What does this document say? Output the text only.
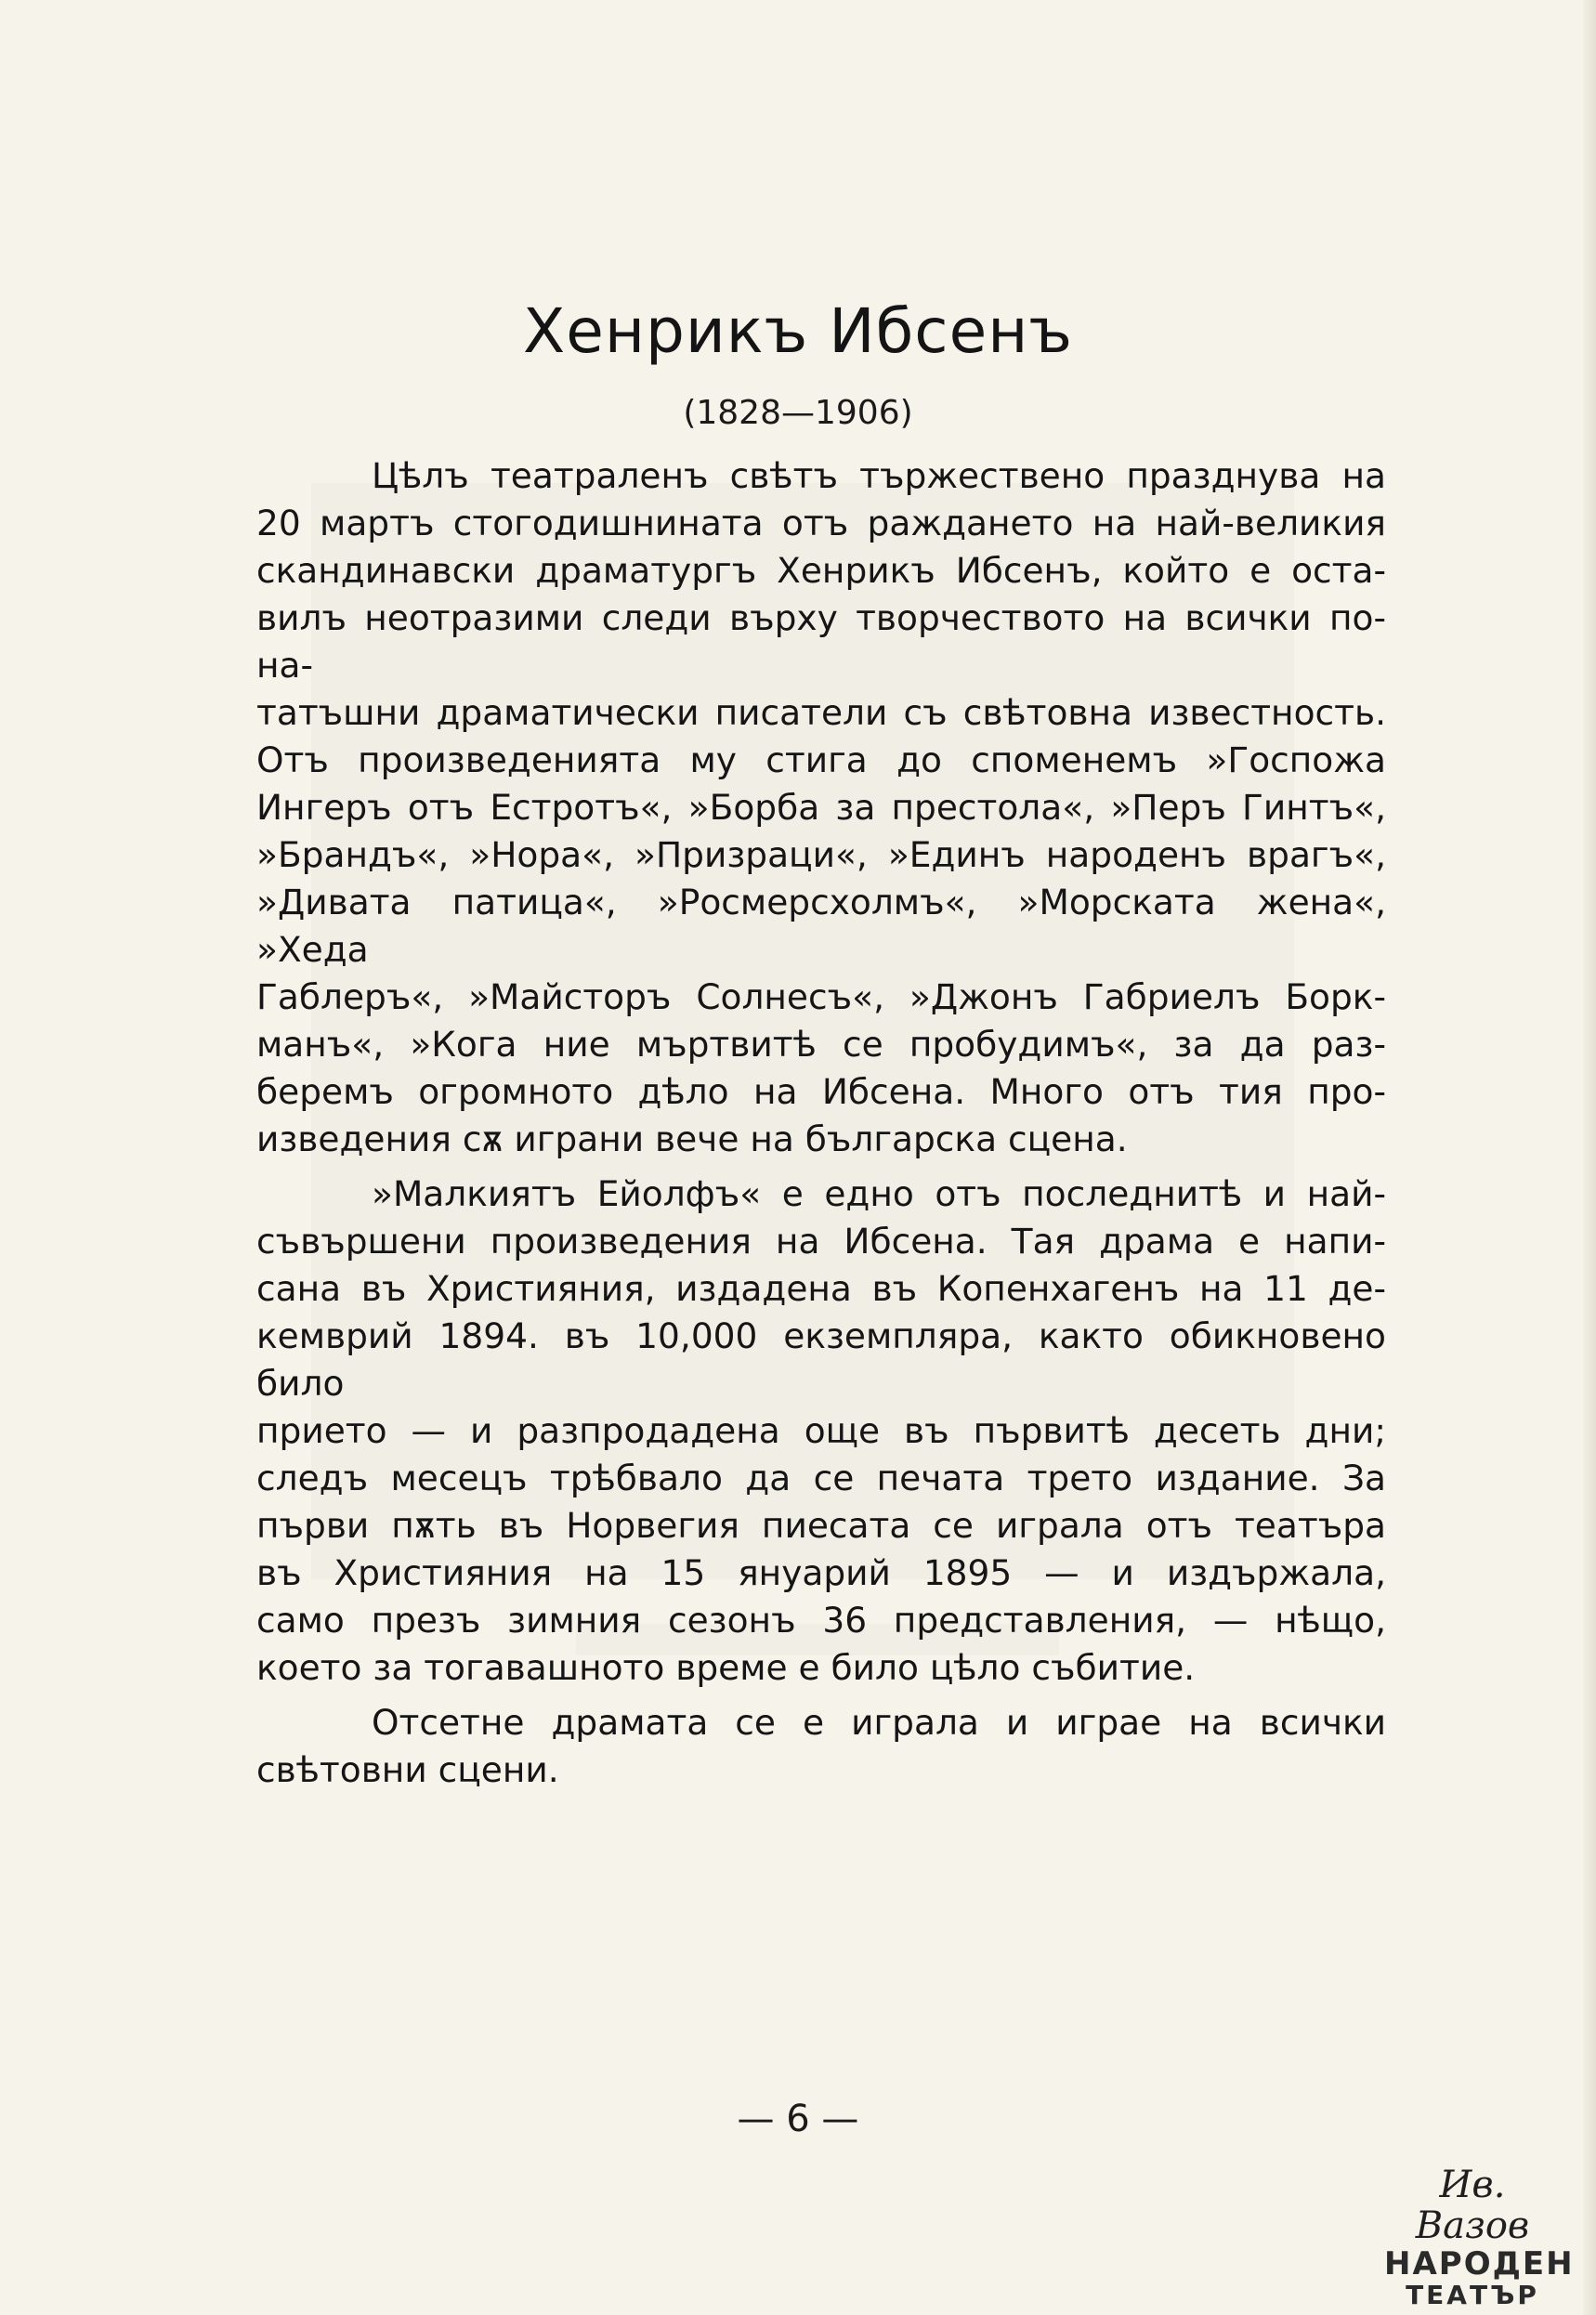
Хенрикъ Ибсенъ
(1828—1906)

Цѣлъ театраленъ свѣтъ тържествено празднува на
20 мартъ стогодишнината отъ раждането на най-великия
скандинавски драматургъ Хенрикъ Ибсенъ, който е оста-
вилъ неотразими следи върху творчеството на всички по-на-
татъшни драматически писатели съ свѣтовна известность.
Отъ произведенията му стига до споменемъ »Госпожа
Ингеръ отъ Естротъ«, »Борба за престола«, »Перъ Гинтъ«,
»Брандъ«, »Нора«, »Призраци«, »Единъ народенъ врагъ«,
»Дивата патица«, »Росмерсхолмъ«, »Морската жена«, »Хеда
Габлеръ«, »Майсторъ Солнесъ«, »Джонъ Габриелъ Борк-
манъ«, »Кога ние мъртвитѣ се пробудимъ«, за да раз-
беремъ огромното дѣло на Ибсена. Много отъ тия про-
изведения сѫ играни вече на българска сцена.

»Малкиятъ Ейолфъ« е едно отъ последнитѣ и най-
съвършени произведения на Ибсена. Тая драма е напи-
сана въ Християния, издадена въ Копенхагенъ на 11 де-
кемврий 1894. въ 10,000 екземпляра, както обикновено било
прието — и разпродадена още въ първитѣ десеть дни;
следъ месецъ трѣбвало да се печата трето издание. За
първи пѫть въ Норвегия пиесата се играла отъ театъра
въ Християния на 15 януарий 1895 — и издържала,
само презъ зимния сезонъ 36 представления, — нѣщо,
което за тогавашното време е било цѣло събитие.

Отсетне драмата се е играла и играе на всички
свѣтовни сцени.

— 6 —
Ив. Вазов
НАРОДЕН
ТЕАТЪР
